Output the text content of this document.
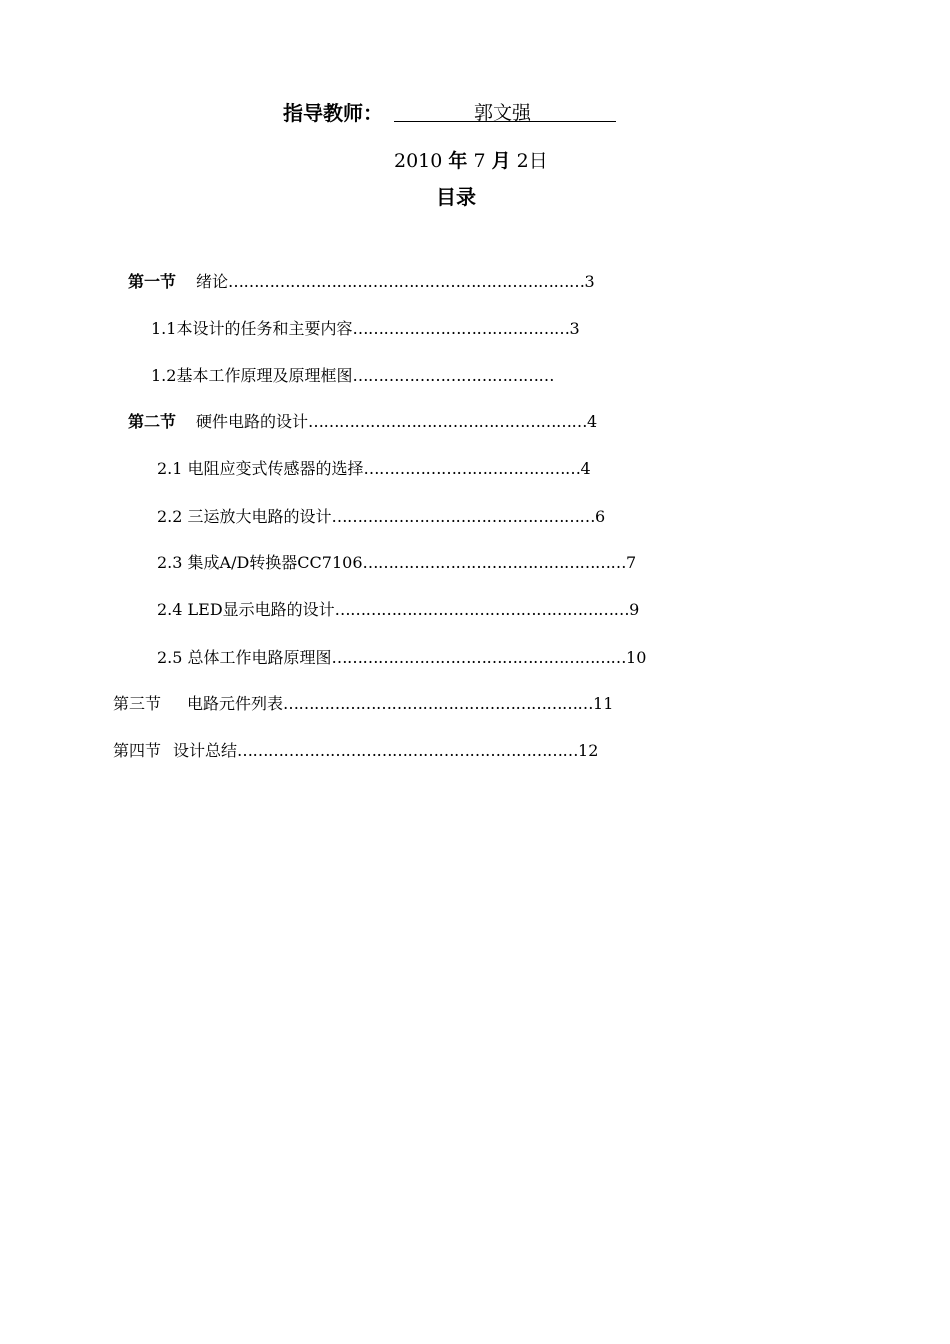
指导教师：	郭文强
2010 年 7 月 2日
目录
第一节 绪论……………………………………………………………3
1.1本设计的任务和主要内容……………………………………3
1.2基本工作原理及原理框图…………………………………
第二节 硬件电路的设计………………………………………………4
2.1 电阻应变式传感器的选择……………………………………4
2.2 三运放大电路的设计……………………………………………6
2.3 集成A/D转换器CC7106……………………………………………7
2.4 LED显示电路的设计…………………………………………………9
2.5 总体工作电路原理图…………………………………………………10
第三节 电路元件列表……………………………………………………11
第四节 设计总结…………………………………………………………12
